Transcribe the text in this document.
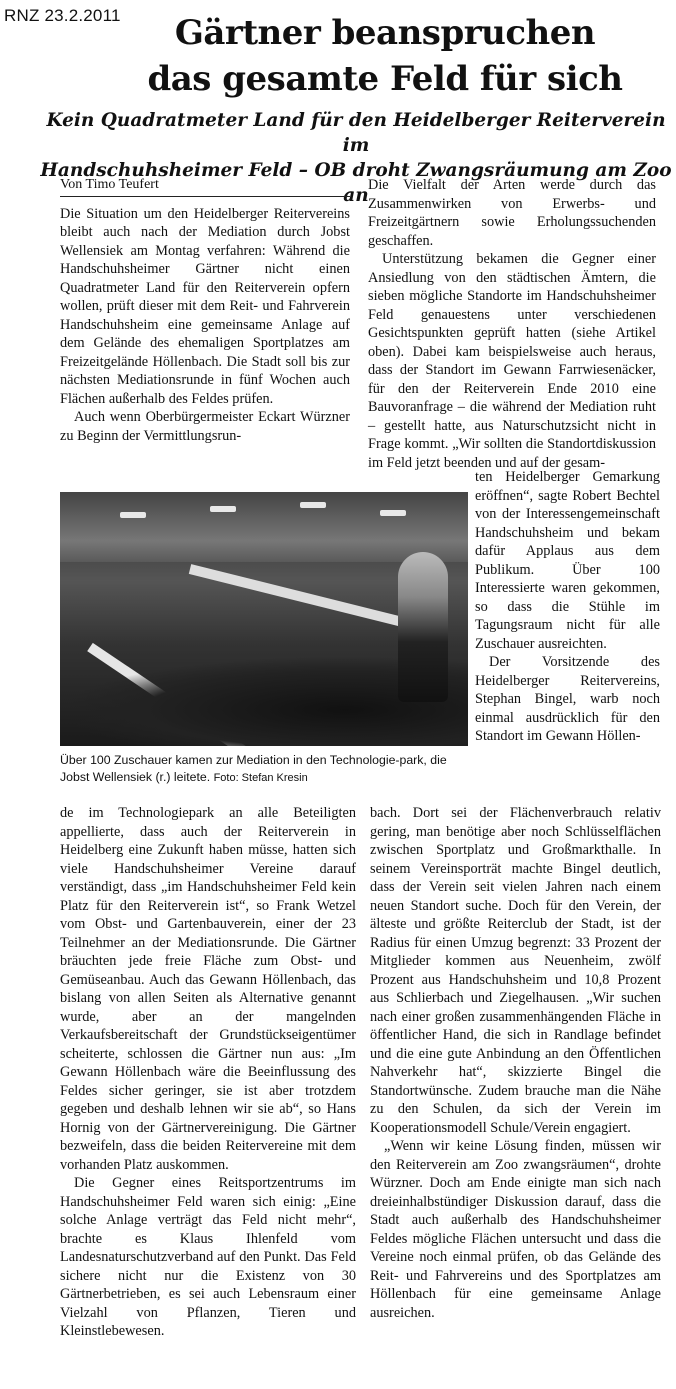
RNZ 23.2.2011	Gärtner beanspruchen
das gesamte Feld für sich
Kein Quadratmeter Land für den Heidelberger Reiterverein im
Handschuhsheimer Feld – OB droht Zwangsräumung am Zoo an
Von Timo Teufert

Die Situation um den Heidelberger Reitervereins bleibt auch nach der Mediation durch Jobst Wellensiek am Montag verfahren: Während die Handschuhsheimer Gärtner nicht einen Quadratmeter Land für den Reiterverein opfern wollen, prüft dieser mit dem Reit- und Fahrverein Handschuhsheim eine gemeinsame Anlage auf dem Gelände des ehemaligen Sportplatzes am Freizeitgelände Höllenbach. Die Stadt soll bis zur nächsten Mediationsrunde in fünf Wochen auch Flächen außerhalb des Feldes prüfen.

Auch wenn Oberbürgermeister Eckart Würzner zu Beginn der Vermittlungsrun-

Die Vielfalt der Arten werde durch das Zusammenwirken von Erwerbs- und Freizeitgärtnern sowie Erholungssuchenden geschaffen.

Unterstützung bekamen die Gegner einer Ansiedlung von den städtischen Ämtern, die sieben mögliche Standorte im Handschuhsheimer Feld genauestens unter verschiedenen Gesichtspunkten geprüft hatten (siehe Artikel oben). Dabei kam beispielsweise auch heraus, dass der Standort im Gewann Farrwiesenäcker, für den der Reiterverein Ende 2010 eine Bauvoranfrage – die während der Mediation ruht – gestellt hatte, aus Naturschutzsicht nicht in Frage kommt. „Wir sollten die Standortdiskussion im Feld jetzt beenden und auf der gesam-

ten Heidelberger Gemarkung eröffnen“, sagte Robert Bechtel von der Interessengemeinschaft Handschuhsheim und bekam dafür Applaus aus dem Publikum. Über 100 Interessierte waren gekommen, so dass die Stühle im Tagungsraum nicht für alle Zuschauer ausreichten.

Der Vorsitzende des Heidelberger Reitervereins, Stephan Bingel, warb noch einmal ausdrücklich für den Standort im Gewann Höllen-

Über 100 Zuschauer kamen zur Mediation in den Technologie-park, die Jobst Wellensiek (r.) leitete. Foto: Stefan Kresin

de im Technologiepark an alle Beteiligten appellierte, dass auch der Reiterverein in Heidelberg eine Zukunft haben müsse, hatten sich viele Handschuhsheimer Vereine darauf verständigt, dass „im Handschuhsheimer Feld kein Platz für den Reiterverein ist“, so Frank Wetzel vom Obst- und Gartenbauverein, einer der 23 Teilnehmer an der Mediationsrunde. Die Gärtner bräuchten jede freie Fläche zum Obst- und Gemüseanbau. Auch das Gewann Höllenbach, das bislang von allen Seiten als Alternative genannt wurde, aber an der mangelnden Verkaufsbereitschaft der Grundstückseigentümer scheiterte, schlossen die Gärtner nun aus: „Im Gewann Höllenbach wäre die Beeinflussung des Feldes sicher geringer, sie ist aber trotzdem gegeben und deshalb lehnen wir sie ab“, so Hans Hornig von der Gärtnervereinigung. Die Gärtner bezweifeln, dass die beiden Reitervereine mit dem vorhanden Platz auskommen.

Die Gegner eines Reitsportzentrums im Handschuhsheimer Feld waren sich einig: „Eine solche Anlage verträgt das Feld nicht mehr“, brachte es Klaus Ihlenfeld vom Landesnaturschutzverband auf den Punkt. Das Feld sichere nicht nur die Existenz von 30 Gärtnerbetrieben, es sei auch Lebensraum einer Vielzahl von Pflanzen, Tieren und Kleinstlebewesen.

bach. Dort sei der Flächenverbrauch relativ gering, man benötige aber noch Schlüsselflächen zwischen Sportplatz und Großmarkthalle. In seinem Vereinsporträt machte Bingel deutlich, dass der Verein seit vielen Jahren nach einem neuen Standort suche. Doch für den Verein, der älteste und größte Reiterclub der Stadt, ist der Radius für einen Umzug begrenzt: 33 Prozent der Mitglieder kommen aus Neuenheim, zwölf Prozent aus Handschuhsheim und 10,8 Prozent aus Schlierbach und Ziegelhausen. „Wir suchen nach einer großen zusammenhängenden Fläche in öffentlicher Hand, die sich in Randlage befindet und die eine gute Anbindung an den Öffentlichen Nahverkehr hat“, skizzierte Bingel die Standortwünsche. Zudem brauche man die Nähe zu den Schulen, da sich der Verein im Kooperationsmodell Schule/Verein engagiert.

„Wenn wir keine Lösung finden, müssen wir den Reiterverein am Zoo zwangsräumen“, drohte Würzner. Doch am Ende einigte man sich nach dreieinhalbstündiger Diskussion darauf, dass die Stadt auch außerhalb des Handschuhsheimer Feldes mögliche Flächen untersucht und dass die Vereine noch einmal prüfen, ob das Gelände des Reit- und Fahrvereins und des Sportplatzes am Höllenbach für eine gemeinsame Anlage ausreichen.
